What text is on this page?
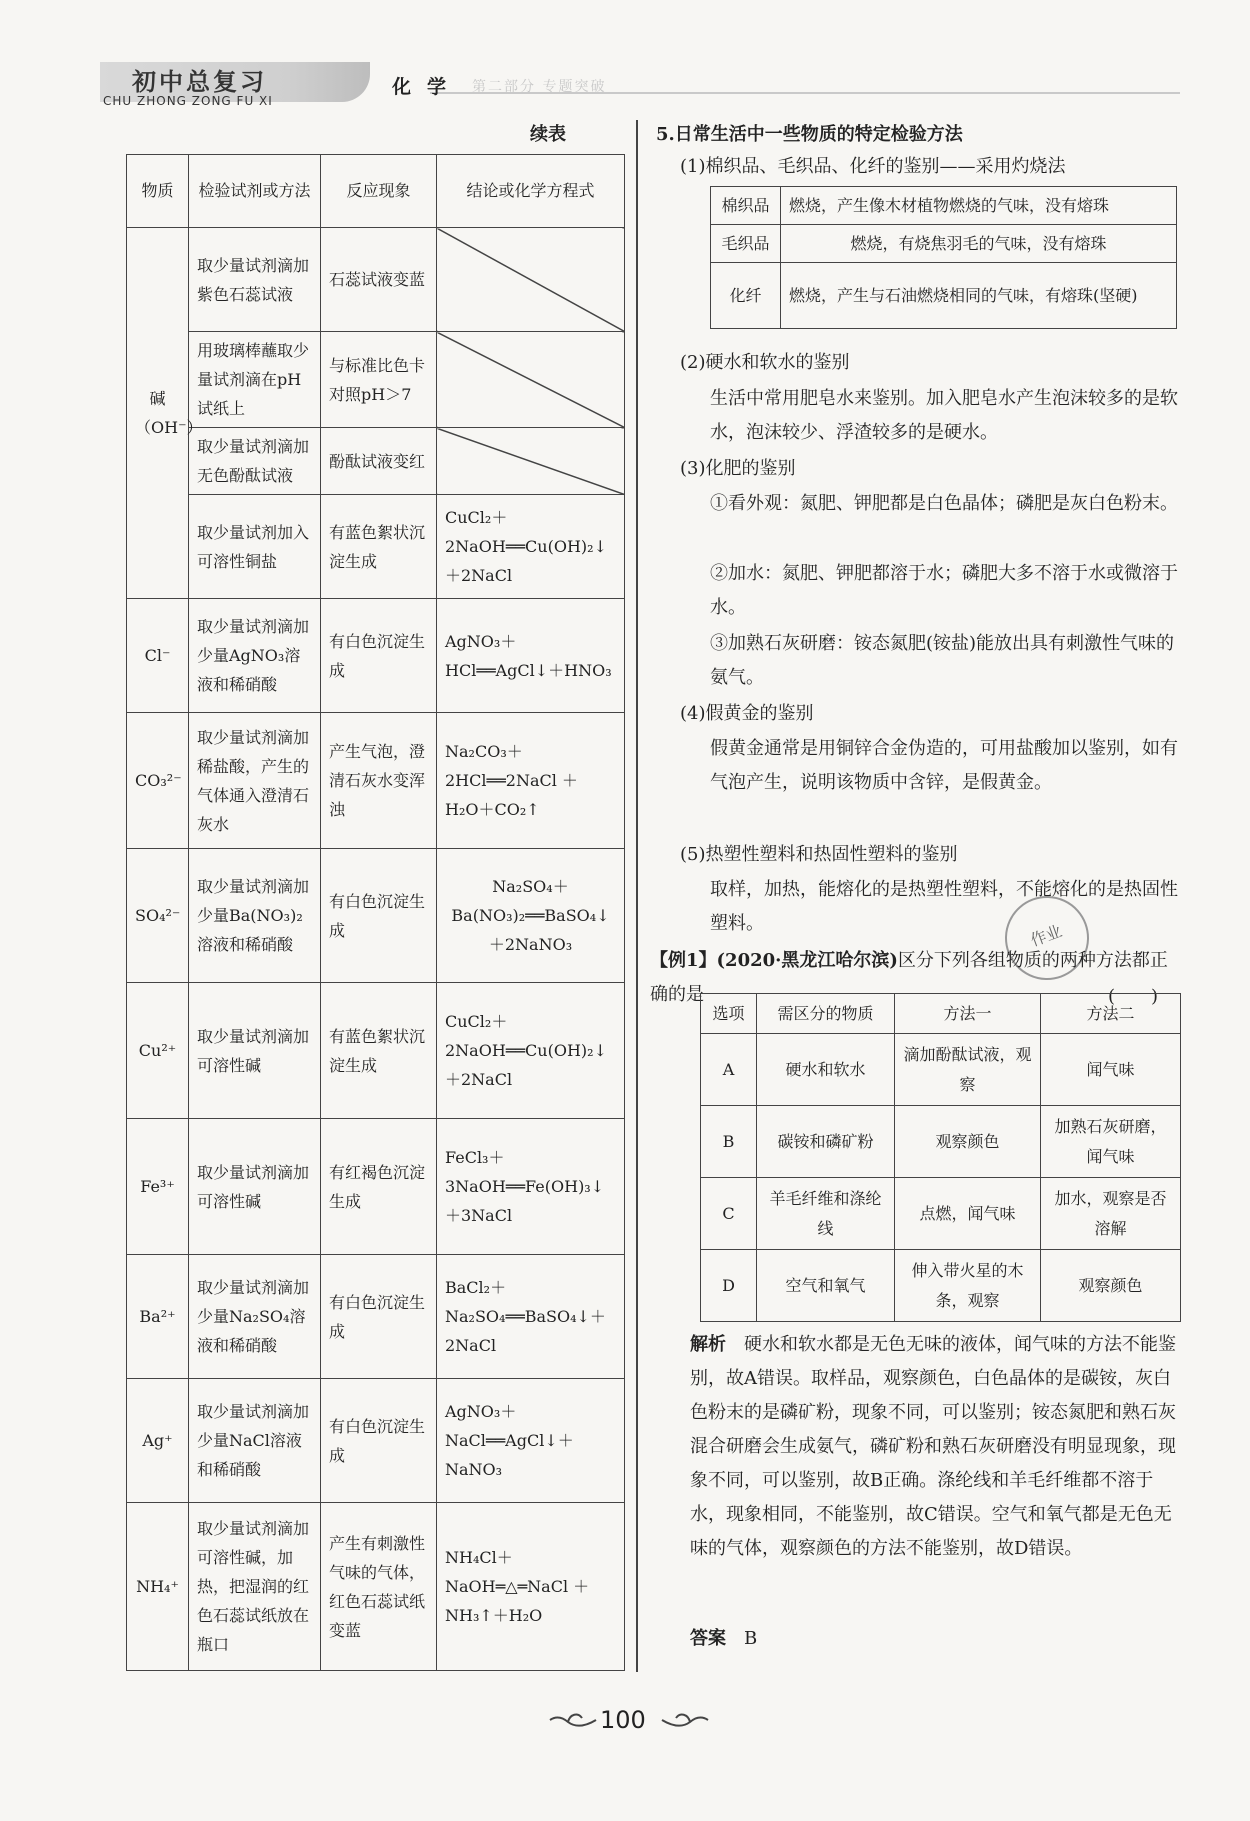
初中总复习
CHU ZHONG ZONG FU XI
化学 第二部分 专题突破
续表
物质	检验试剂或方法	反应现象	结论或化学方程式
碱（OH⁻）	取少量试剂滴加紫色石蕊试液	石蕊试液变蓝	
	用玻璃棒蘸取少量试剂滴在pH试纸上	与标准比色卡对照pH＞7	
	取少量试剂滴加无色酚酞试液	酚酞试液变红	
	取少量试剂加入可溶性铜盐	有蓝色絮状沉淀生成	CuCl₂＋2NaOH══Cu(OH)₂↓＋2NaCl
Cl⁻	取少量试剂滴加少量AgNO₃溶液和稀硝酸	有白色沉淀生成	AgNO₃＋HCl══AgCl↓＋HNO₃
CO₃²⁻	取少量试剂滴加稀盐酸，产生的气体通入澄清石灰水	产生气泡，澄清石灰水变浑浊	Na₂CO₃＋2HCl══2NaCl ＋ H₂O＋CO₂↑
SO₄²⁻	取少量试剂滴加少量Ba(NO₃)₂溶液和稀硝酸	有白色沉淀生成	Na₂SO₄＋Ba(NO₃)₂══BaSO₄↓＋2NaNO₃
Cu²⁺	取少量试剂滴加可溶性碱	有蓝色絮状沉淀生成	CuCl₂＋2NaOH══Cu(OH)₂↓＋2NaCl
Fe³⁺	取少量试剂滴加可溶性碱	有红褐色沉淀生成	FeCl₃＋3NaOH══Fe(OH)₃↓＋3NaCl
Ba²⁺	取少量试剂滴加少量Na₂SO₄溶液和稀硝酸	有白色沉淀生成	BaCl₂＋Na₂SO₄══BaSO₄↓＋2NaCl
Ag⁺	取少量试剂滴加少量NaCl溶液和稀硝酸	有白色沉淀生成	AgNO₃＋NaCl══AgCl↓＋NaNO₃
NH₄⁺	取少量试剂滴加可溶性碱，加热，把湿润的红色石蕊试纸放在瓶口	产生有刺激性气味的气体，红色石蕊试纸变蓝	NH₄Cl＋NaOH═△═NaCl ＋ NH₃↑＋H₂O
5.日常生活中一些物质的特定检验方法
(1)棉织品、毛织品、化纤的鉴别——采用灼烧法
棉织品	燃烧，产生像木材植物燃烧的气味，没有熔珠
毛织品	燃烧，有烧焦羽毛的气味，没有熔珠
化纤	燃烧，产生与石油燃烧相同的气味，有熔珠(坚硬)
(2)硬水和软水的鉴别
生活中常用肥皂水来鉴别。加入肥皂水产生泡沫较多的是软水，泡沫较少、浮渣较多的是硬水。
(3)化肥的鉴别
①看外观：氮肥、钾肥都是白色晶体；磷肥是灰白色粉末。
②加水：氮肥、钾肥都溶于水；磷肥大多不溶于水或微溶于水。
③加熟石灰研磨：铵态氮肥(铵盐)能放出具有刺激性气味的氨气。
(4)假黄金的鉴别
假黄金通常是用铜锌合金伪造的，可用盐酸加以鉴别，如有气泡产生，说明该物质中含锌，是假黄金。
(5)热塑性塑料和热固性塑料的鉴别
取样，加热，能熔化的是热塑性塑料，不能熔化的是热固性塑料。	作业
【例1】(2020·黑龙江哈尔滨)区分下列各组物质的两种方法都正确的是	(　　)
选项	需区分的物质	方法一	方法二
A	硬水和软水	滴加酚酞试液，观察	闻气味
B	碳铵和磷矿粉	观察颜色	加熟石灰研磨，闻气味
C	羊毛纤维和涤纶线	点燃，闻气味	加水，观察是否溶解
D	空气和氧气	伸入带火星的木条，观察	观察颜色
解析　 硬水和软水都是无色无味的液体，闻气味的方法不能鉴别，故A错误。取样品，观察颜色，白色晶体的是碳铵，灰白色粉末的是磷矿粉，现象不同，可以鉴别；铵态氮肥和熟石灰混合研磨会生成氨气，磷矿粉和熟石灰研磨没有明显现象，现象不同，可以鉴别，故B正确。涤纶线和羊毛纤维都不溶于水，现象相同，不能鉴别，故C错误。空气和氧气都是无色无味的气体，观察颜色的方法不能鉴别，故D错误。
答案　 B
100
